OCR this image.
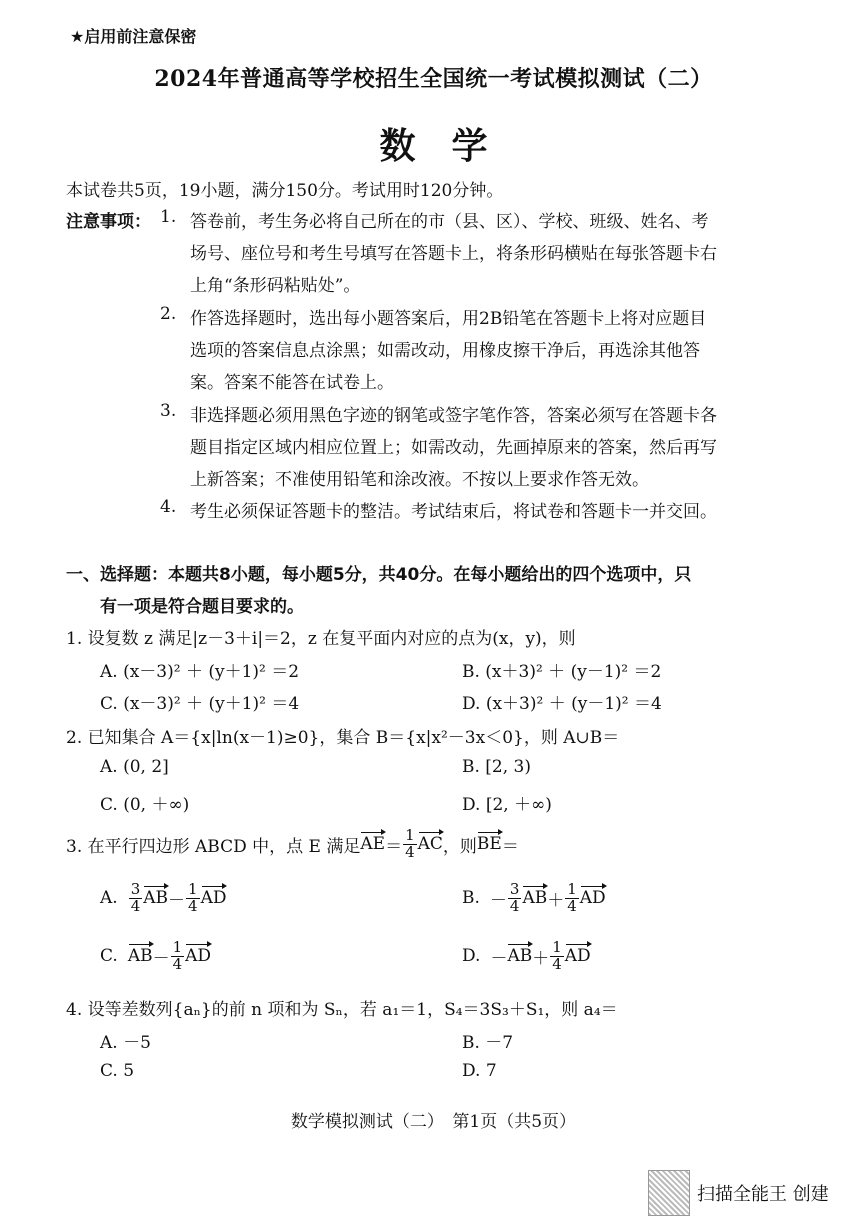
★启用前注意保密
2024年普通高等学校招生全国统一考试模拟测试（二）
数　学
本试卷共5页，19小题，满分150分。考试用时120分钟。
注意事项： 1. 答卷前，考生务必将自己所在的市（县、区）、学校、班级、姓名、考
场号、座位号和考生号填写在答题卡上，将条形码横贴在每张答题卡右
上角“条形码粘贴处”。
2. 作答选择题时，选出每小题答案后，用2B铅笔在答题卡上将对应题目
选项的答案信息点涂黑；如需改动，用橡皮擦干净后，再选涂其他答
案。答案不能答在试卷上。
3. 非选择题必须用黑色字迹的钢笔或签字笔作答，答案必须写在答题卡各
题目指定区域内相应位置上；如需改动，先画掉原来的答案，然后再写
上新答案；不准使用铅笔和涂改液。不按以上要求作答无效。
4. 考生必须保证答题卡的整洁。考试结束后，将试卷和答题卡一并交回。
一、选择题：本题共8小题，每小题5分，共40分。在每小题给出的四个选项中，只
有一项是符合题目要求的。
1. 设复数 z 满足|z－3＋i|＝2，z 在复平面内对应的点为(x，y)，则
A. (x－3)² ＋ (y＋1)² ＝2	B. (x＋3)² ＋ (y－1)² ＝2
C. (x－3)² ＋ (y＋1)² ＝4	D. (x＋3)² ＋ (y－1)² ＝4
2. 已知集合 A＝{x|ln(x－1)≥0}，集合 B＝{x|x²－3x＜0}，则 A∪B＝
A. (0, 2]	B. [2, 3)
C. (0, ＋∞)	D. [2, ＋∞)
3. 在平行四边形 ABCD 中，点 E 满足 AE ＝ $\frac{1}{4}$ AC ，则 BE ＝
A. $\frac{3}{4}$ AB － $\frac{1}{4}$ AD	B. － $\frac{3}{4}$ AB ＋ $\frac{1}{4}$ AD
C. AB － $\frac{1}{4}$ AD	D. － AB ＋ $\frac{1}{4}$ AD
4. 设等差数列{aₙ}的前 n 项和为 Sₙ，若 a₁＝1，S₄＝3S₃＋S₁，则 a₄＝
A. －5	B. －7
C. 5	D. 7
数学模拟测试（二）　第1页（共5页）
扫描全能王 创建
